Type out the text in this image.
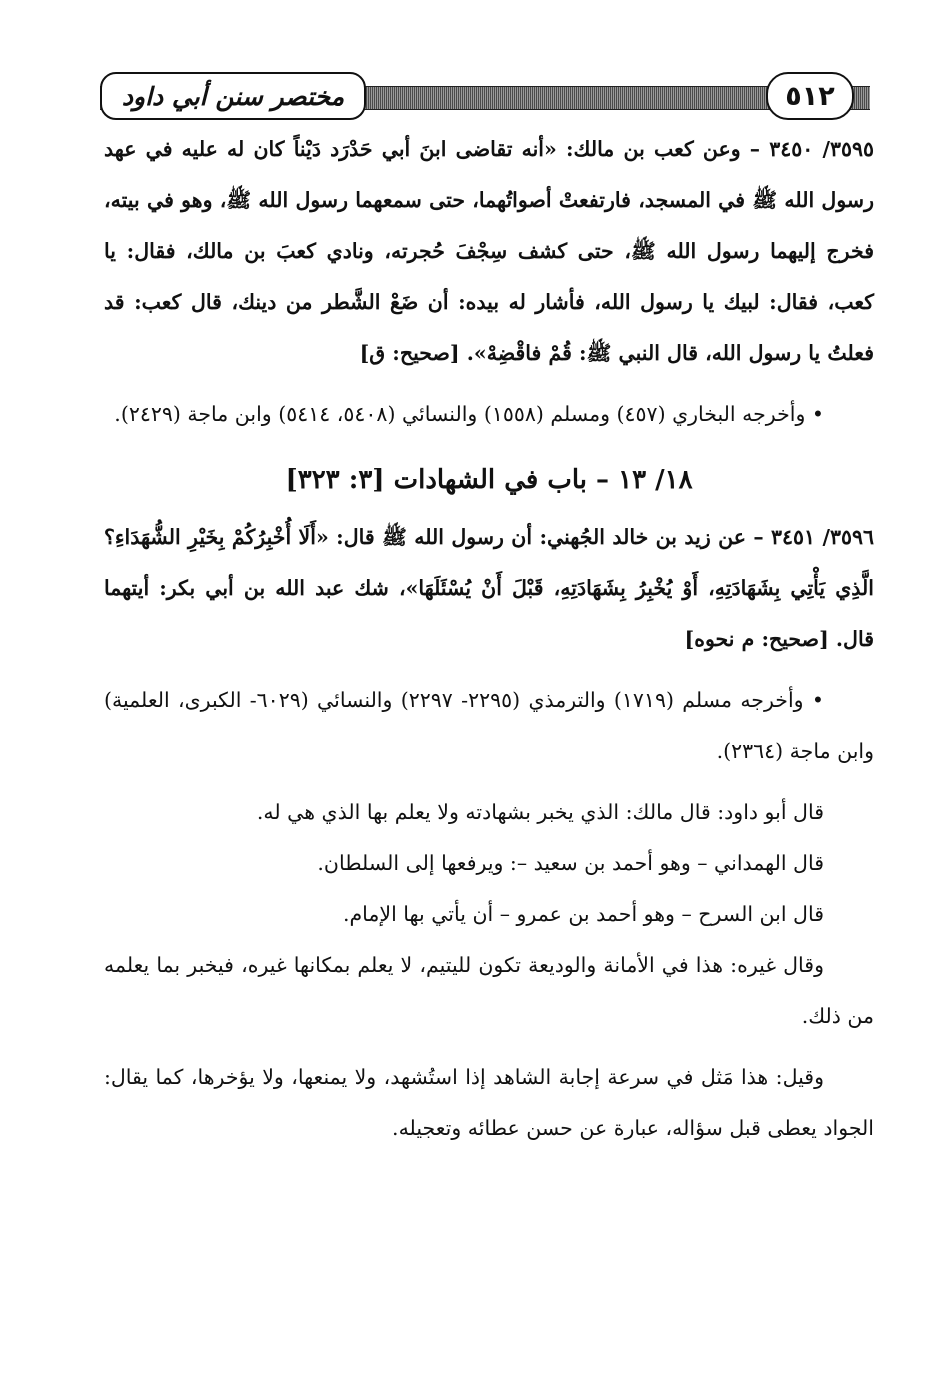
٥١٢
مختصر سنن أبي داود

٣٥٩٥/ ٣٤٥٠ – وعن كعب بن مالك: «أنه تقاضى ابنَ أبي حَدْرَد دَيْناً كان له عليه في عهد رسول الله ﷺ في المسجد، فارتفعتْ أصواتُهما، حتى سمعهما رسول الله ﷺ، وهو في بيته، فخرج إليهما رسول الله ﷺ، حتى كشف سِجْفَ حُجرته، ونادي كعبَ بن مالك، فقال: يا كعب، فقال: لبيك يا رسول الله، فأشار له بيده: أن ضَعْ الشَّطر من دينك، قال كعب: قد فعلتُ يا رسول الله، قال النبي ﷺ: قُمْ فاقْضِهْ». [صحيح: ق]

• وأخرجه البخاري (٤٥٧) ومسلم (١٥٥٨) والنسائي (٥٤٠٨، ٥٤١٤) وابن ماجة (٢٤٢٩).

١٨/ ١٣ – باب في الشهادات [٣: ٣٢٣]

٣٥٩٦/ ٣٤٥١ – عن زيد بن خالد الجُهني: أن رسول الله ﷺ قال: «أَلَا أُخْبِرُكُمْ بِخَيْرِ الشُّهَدَاءِ؟ الَّذِي يَأْتِي بِشَهَادَتِهِ، أَوْ يُخْبِرُ بِشَهَادَتِهِ، قَبْلَ أَنْ يُسْئَلَهَا»، شك عبد الله بن أبي بكر: أيتهما قال. [صحيح: م نحوه]

• وأخرجه مسلم (١٧١٩) والترمذي (٢٢٩٥- ٢٢٩٧) والنسائي (٦٠٢٩- الكبرى، العلمية) وابن ماجة (٢٣٦٤).

قال أبو داود: قال مالك: الذي يخبر بشهادته ولا يعلم بها الذي هي له.

قال الهمداني – وهو أحمد بن سعيد –: ويرفعها إلى السلطان.

قال ابن السرح – وهو أحمد بن عمرو – أن يأتي بها الإمام.

وقال غيره: هذا في الأمانة والوديعة تكون لليتيم، لا يعلم بمكانها غيره، فيخبر بما يعلمه من ذلك.

وقيل: هذا مَثل في سرعة إجابة الشاهد إذا استُشهد، ولا يمنعها، ولا يؤخرها، كما يقال: الجواد يعطى قبل سؤاله، عبارة عن حسن عطائه وتعجيله.
